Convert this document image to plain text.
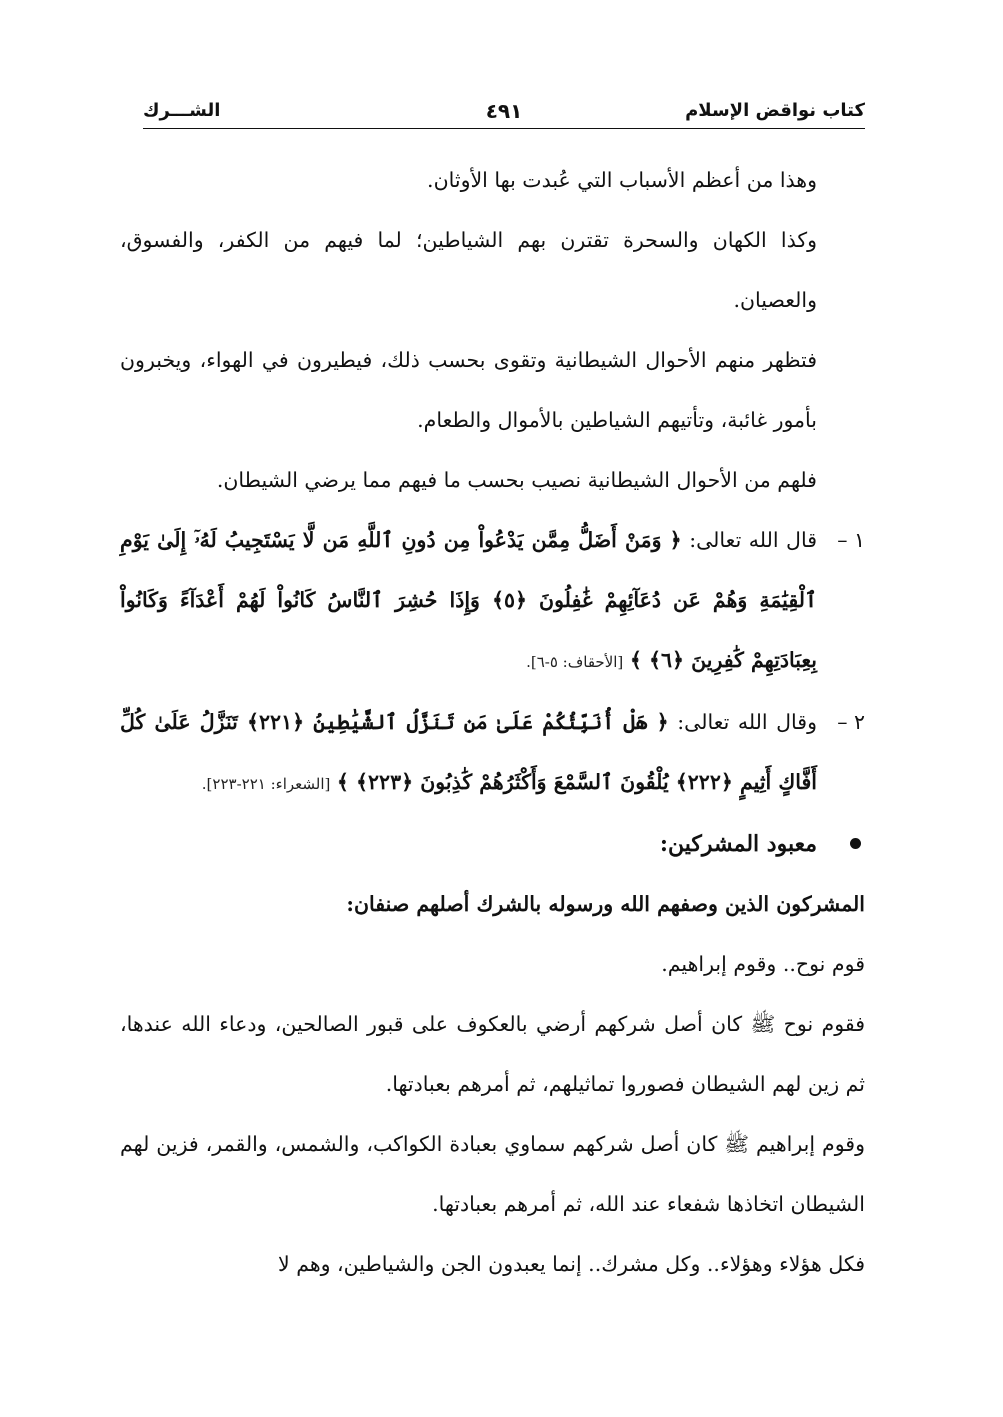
كتاب نواقض الإسلام
٤٩١
الشـــرك

وهذا من أعظم الأسباب التي عُبدت بها الأوثان.

وكذا الكهان والسحرة تقترن بهم الشياطين؛ لما فيهم من الكفر، والفسوق، والعصيان.

فتظهر منهم الأحوال الشيطانية وتقوى بحسب ذلك، فيطيرون في الهواء، ويخبرون بأمور غائبة، وتأتيهم الشياطين بالأموال والطعام.

فلهم من الأحوال الشيطانية نصيب بحسب ما فيهم مما يرضي الشيطان.

١ –
قال الله تعالى: ﴿ وَمَنْ أَضَلُّ مِمَّن يَدْعُواْ مِن دُونِ ٱللَّهِ مَن لَّا يَسْتَجِيبُ لَهُۥٓ إِلَىٰ يَوْمِ ٱلْقِيَٰمَةِ وَهُمْ عَن دُعَآئِهِمْ غَٰفِلُونَ ﴿٥﴾ وَإِذَا حُشِرَ ٱلنَّاسُ كَانُواْ لَهُمْ أَعْدَآءً وَكَانُواْ بِعِبَادَتِهِمْ كَٰفِرِينَ ﴿٦﴾ ﴾ [الأحقاف: ٥-٦].
٢ –
وقال الله تعالى: ﴿ هَلْ أُنَبِّئُكُمْ عَلَىٰ مَن تَنَزَّلُ ٱلشَّيَٰطِينُ ﴿٢٢١﴾ تَنَزَّلُ عَلَىٰ كُلِّ أَفَّاكٍ أَثِيمٍ ﴿٢٢٢﴾ يُلْقُونَ ٱلسَّمْعَ وَأَكْثَرُهُمْ كَٰذِبُونَ ﴿٢٢٣﴾ ﴾ [الشعراء: ٢٢١-٢٢٣].
معبود المشركين:

المشركون الذين وصفهم الله ورسوله بالشرك أصلهم صنفان:

قوم نوح.. وقوم إبراهيم.

فقوم نوح ﷺ كان أصل شركهم أرضي بالعكوف على قبور الصالحين، ودعاء الله عندها، ثم زين لهم الشيطان فصوروا تماثيلهم، ثم أمرهم بعبادتها.

وقوم إبراهيم ﷺ كان أصل شركهم سماوي بعبادة الكواكب، والشمس، والقمر، فزين لهم الشيطان اتخاذها شفعاء عند الله، ثم أمرهم بعبادتها.

فكل هؤلاء وهؤلاء.. وكل مشرك.. إنما يعبدون الجن والشياطين، وهم لا
